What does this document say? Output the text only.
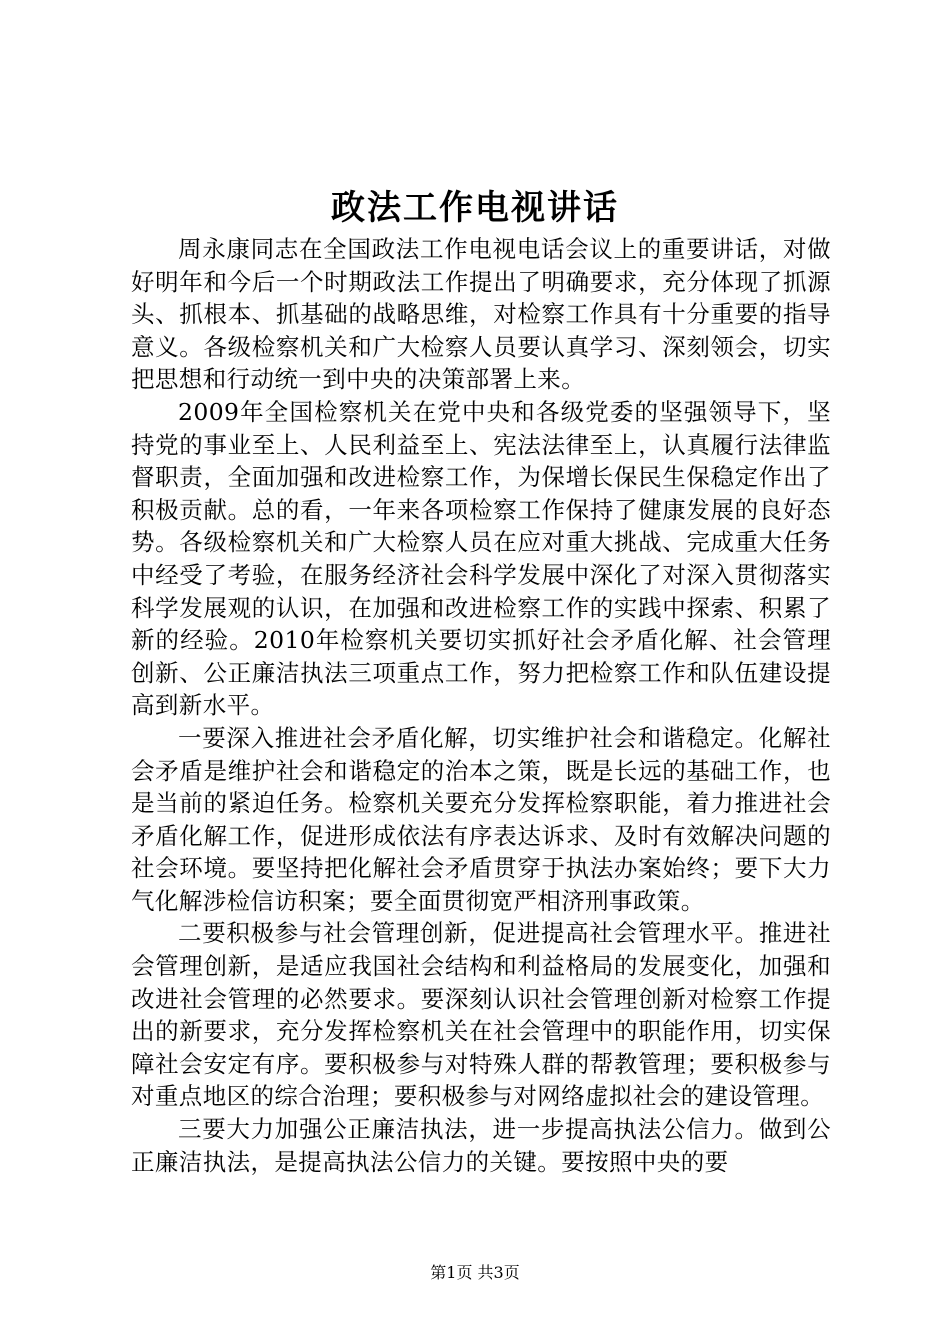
政法工作电视讲话

周永康同志在全国政法工作电视电话会议上的重要讲话，对做好明年和今后一个时期政法工作提出了明确要求，充分体现了抓源头、抓根本、抓基础的战略思维，对检察工作具有十分重要的指导意义。各级检察机关和广大检察人员要认真学习、深刻领会，切实把思想和行动统一到中央的决策部署上来。

2009年全国检察机关在党中央和各级党委的坚强领导下，坚持党的事业至上、人民利益至上、宪法法律至上，认真履行法律监督职责，全面加强和改进检察工作，为保增长保民生保稳定作出了积极贡献。总的看，一年来各项检察工作保持了健康发展的良好态势。各级检察机关和广大检察人员在应对重大挑战、完成重大任务中经受了考验，在服务经济社会科学发展中深化了对深入贯彻落实科学发展观的认识，在加强和改进检察工作的实践中探索、积累了新的经验。2010年检察机关要切实抓好社会矛盾化解、社会管理创新、公正廉洁执法三项重点工作，努力把检察工作和队伍建设提高到新水平。

一要深入推进社会矛盾化解，切实维护社会和谐稳定。化解社会矛盾是维护社会和谐稳定的治本之策，既是长远的基础工作，也是当前的紧迫任务。检察机关要充分发挥检察职能，着力推进社会矛盾化解工作，促进形成依法有序表达诉求、及时有效解决问题的社会环境。要坚持把化解社会矛盾贯穿于执法办案始终；要下大力气化解涉检信访积案；要全面贯彻宽严相济刑事政策。

二要积极参与社会管理创新，促进提高社会管理水平。推进社会管理创新，是适应我国社会结构和利益格局的发展变化，加强和改进社会管理的必然要求。要深刻认识社会管理创新对检察工作提出的新要求，充分发挥检察机关在社会管理中的职能作用，切实保障社会安定有序。要积极参与对特殊人群的帮教管理；要积极参与对重点地区的综合治理；要积极参与对网络虚拟社会的建设管理。

三要大力加强公正廉洁执法，进一步提高执法公信力。做到公正廉洁执法，是提高执法公信力的关键。要按照中央的要

第1页 共3页
